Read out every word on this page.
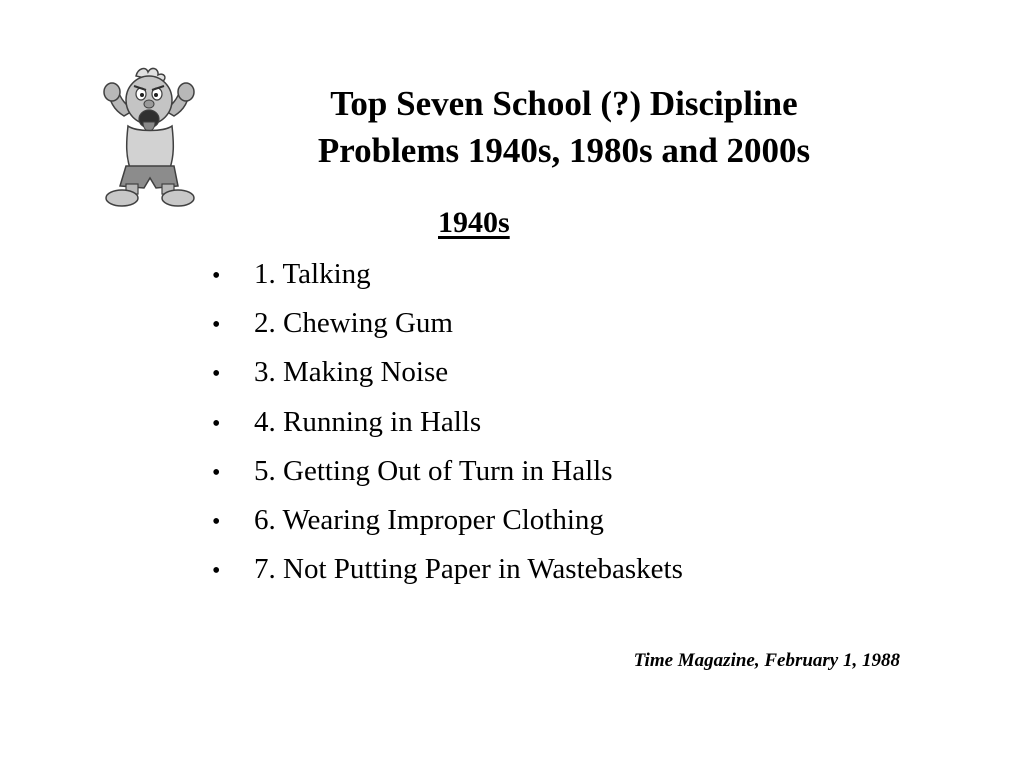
Top Seven School (?) Discipline
Problems 1940s, 1980s and 2000s
1940s
• 1. Talking
• 2. Chewing Gum
• 3. Making Noise
• 4. Running in Halls
• 5. Getting Out of Turn in Halls
• 6. Wearing Improper Clothing
• 7. Not Putting Paper in Wastebaskets
Time Magazine, February 1, 1988
